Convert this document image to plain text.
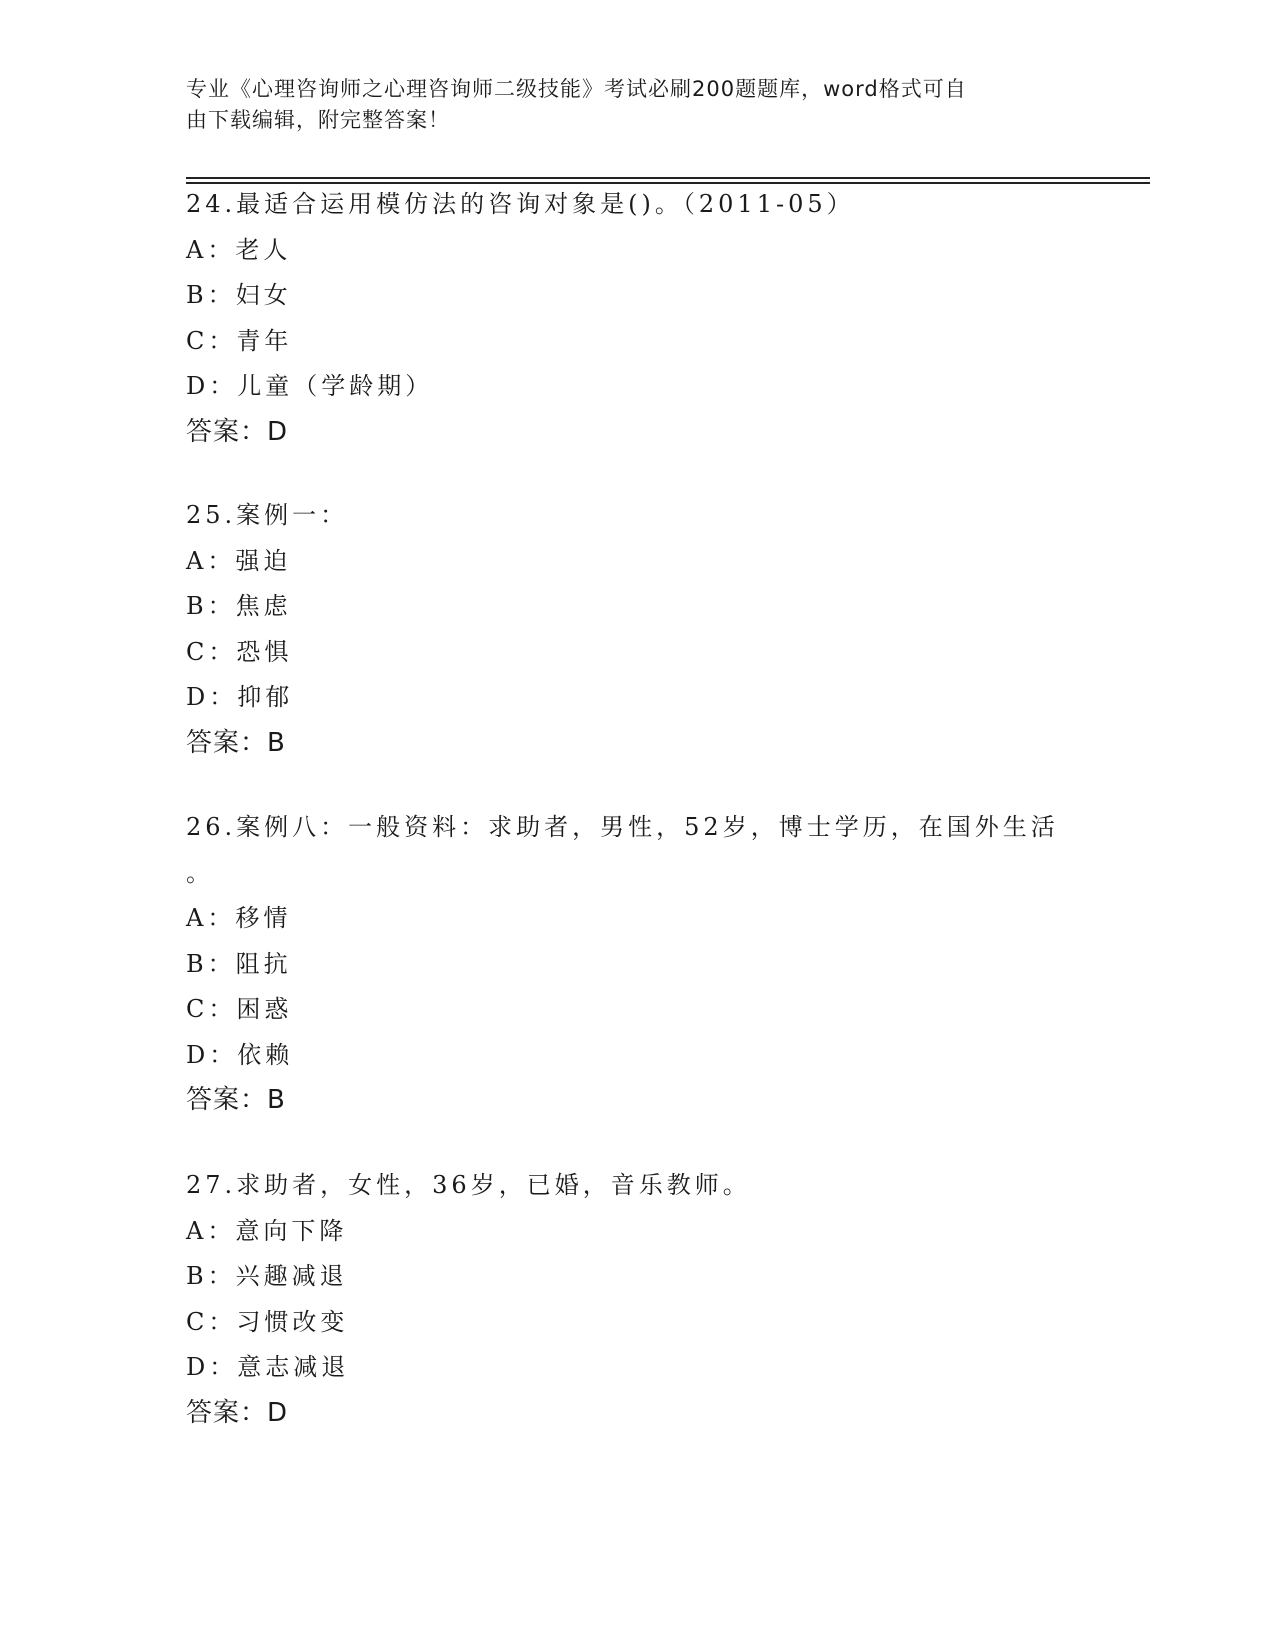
专业《心理咨询师之心理咨询师二级技能》考试必刷200题题库，word格式可自
由下载编辑，附完整答案！
24.最适合运用模仿法的咨询对象是()。（2011-05）
A：老人
B：妇女
C：青年
D：儿童（学龄期）
答案：D
25.案例一：
A：强迫
B：焦虑
C：恐惧
D：抑郁
答案：B
26.案例八：一般资料：求助者，男性，52岁，博士学历，在国外生活
。
A：移情
B：阻抗
C：困惑
D：依赖
答案：B
27.求助者，女性，36岁，已婚，音乐教师。
A：意向下降
B：兴趣减退
C：习惯改变
D：意志减退
答案：D
